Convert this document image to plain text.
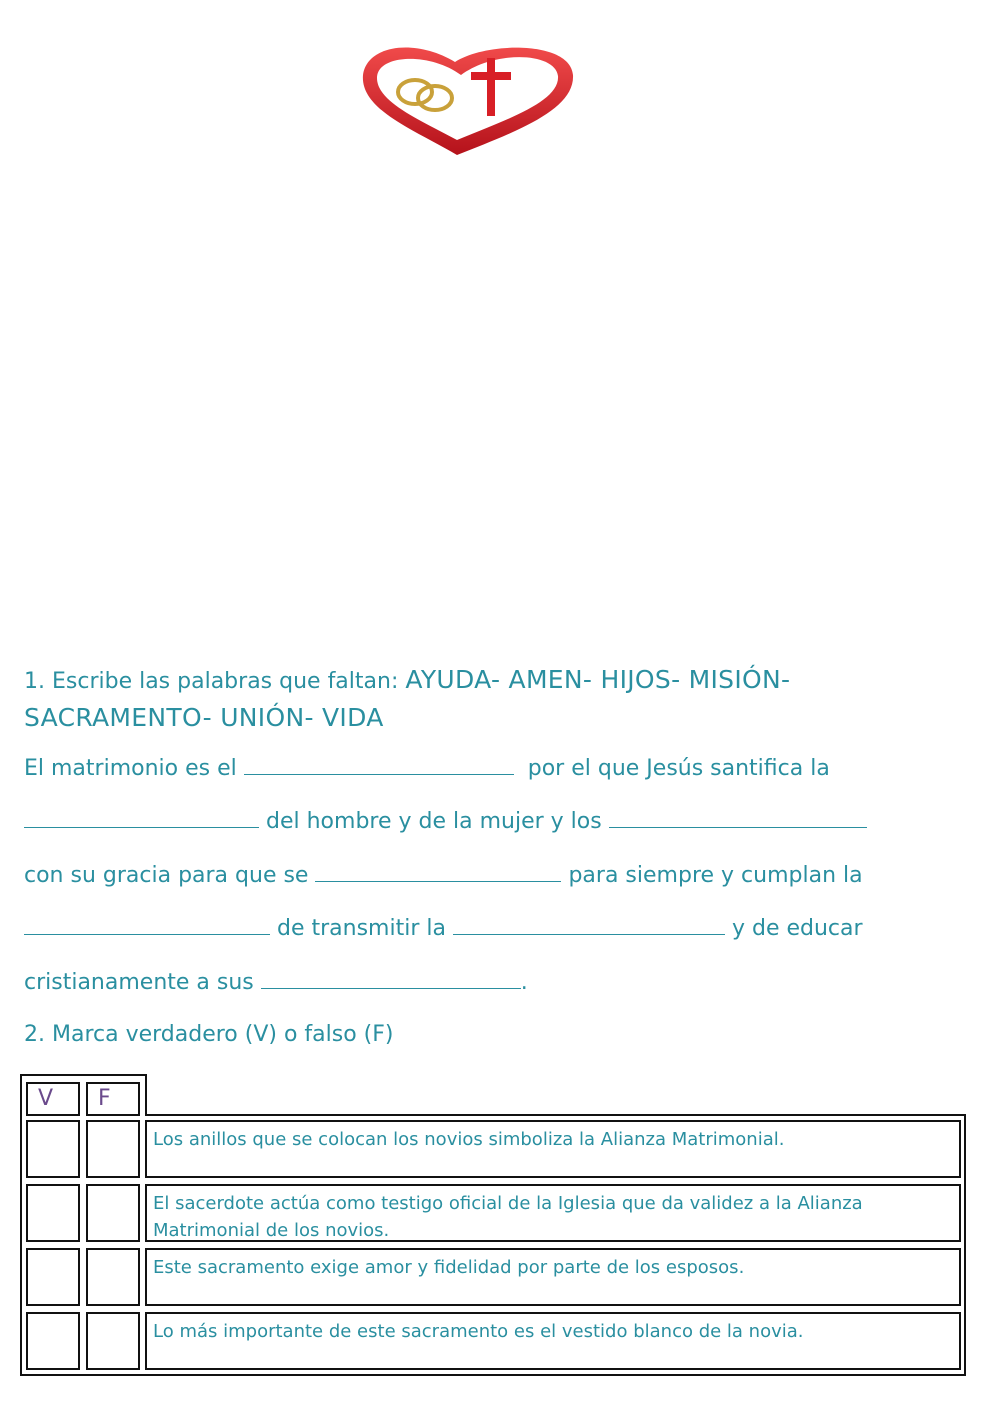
1. Escribe las palabras que faltan: AYUDA- AMEN- HIJOS- MISIÓN-
SACRAMENTO- UNIÓN- VIDA
El matrimonio es el	por el que Jesús santifica la
del hombre y de la mujer y los
con su gracia para que se	para siempre y cumplan la
de transmitir la	y de educar
cristianamente a sus	.
2. Marca verdadero (V) o falso (F)
V	F
Los anillos que se colocan los novios simboliza la Alianza Matrimonial.
El sacerdote actúa como testigo oficial de la Iglesia que da validez a la Alianza Matrimonial de los novios.
Este sacramento exige amor y fidelidad por parte de los esposos.
Lo más importante de este sacramento es el vestido blanco de la novia.
